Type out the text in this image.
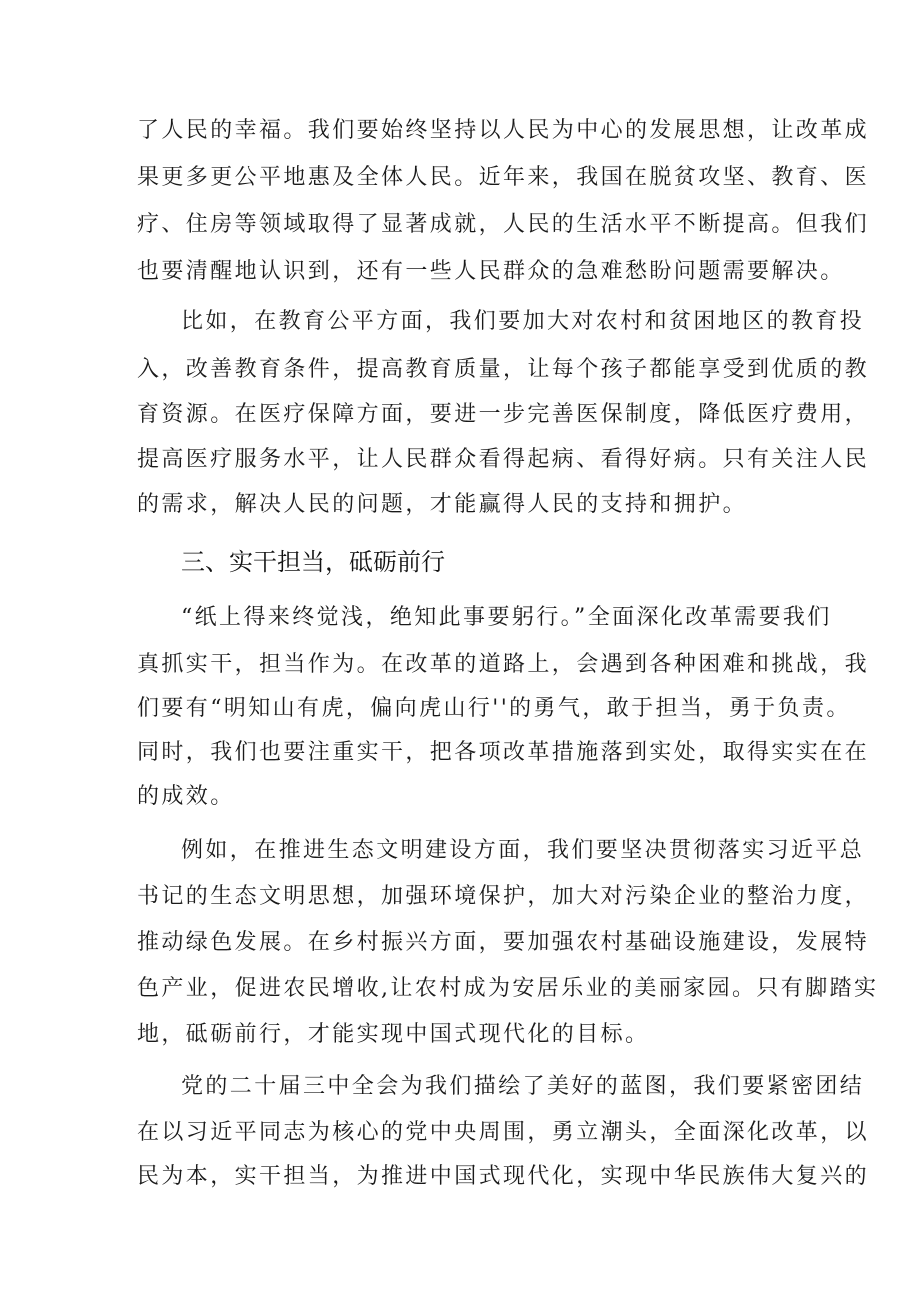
了人民的幸福。我们要始终坚持以人民为中心的发展思想，让改革成
果更多更公平地惠及全体人民。近年来，我国在脱贫攻坚、教育、医
疗、住房等领域取得了显著成就，人民的生活水平不断提高。但我们
也要清醒地认识到，还有一些人民群众的急难愁盼问题需要解决。
比如，在教育公平方面，我们要加大对农村和贫困地区的教育投
入，改善教育条件，提高教育质量，让每个孩子都能享受到优质的教
育资源。在医疗保障方面，要进一步完善医保制度，降低医疗费用，
提高医疗服务水平，让人民群众看得起病、看得好病。只有关注人民
的需求，解决人民的问题，才能赢得人民的支持和拥护。
三、实干担当，砥砺前行
“纸上得来终觉浅，绝知此事要躬行。”全面深化改革需要我们
真抓实干，担当作为。在改革的道路上，会遇到各种困难和挑战，我
们要有“明知山有虎，偏向虎山行''的勇气，敢于担当，勇于负责。
同时，我们也要注重实干，把各项改革措施落到实处，取得实实在在
的成效。
例如，在推进生态文明建设方面，我们要坚决贯彻落实习近平总
书记的生态文明思想，加强环境保护，加大对污染企业的整治力度，
推动绿色发展。在乡村振兴方面，要加强农村基础设施建设，发展特
色产业，促进农民增收,让农村成为安居乐业的美丽家园。只有脚踏实
地，砥砺前行，才能实现中国式现代化的目标。
党的二十届三中全会为我们描绘了美好的蓝图，我们要紧密团结
在以习近平同志为核心的党中央周围，勇立潮头，全面深化改革，以
民为本，实干担当，为推进中国式现代化，实现中华民族伟大复兴的
